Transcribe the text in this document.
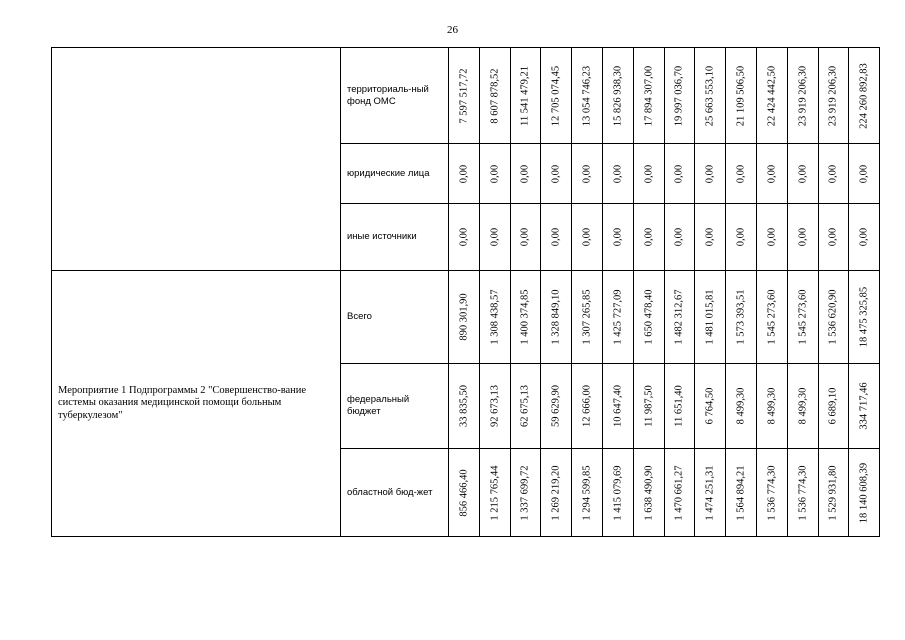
26

	территориаль-ный фонд ОМС	7 597 517,72	8 607 878,52	11 541 479,21	12 705 074,45	13 054 746,23	15 826 938,30	17 894 307,00	19 997 036,70	25 663 553,10	21 109 506,50	22 424 442,50	23 919 206,30	23 919 206,30	224 260 892,83

	юридические лица	0,00	0,00	0,00	0,00	0,00	0,00	0,00	0,00	0,00	0,00	0,00	0,00	0,00	0,00

	иные источники	0,00	0,00	0,00	0,00	0,00	0,00	0,00	0,00	0,00	0,00	0,00	0,00	0,00	0,00

Мероприятие 1 Подпрограммы 2 "Совершенство-вание системы оказания медицинской помощи больным туберкулезом"	Всего	890 301,90	1 308 438,57	1 400 374,85	1 328 849,10	1 307 265,85	1 425 727,09	1 650 478,40	1 482 312,67	1 481 015,81	1 573 393,51	1 545 273,60	1 545 273,60	1 536 620,90	18 475 325,85

	федеральный бюджет	33 835,50	92 673,13	62 675,13	59 629,90	12 666,00	10 647,40	11 987,50	11 651,40	6 764,50	8 499,30	8 499,30	8 499,30	6 689,10	334 717,46

	областной бюд-жет	856 466,40	1 215 765,44	1 337 699,72	1 269 219,20	1 294 599,85	1 415 079,69	1 638 490,90	1 470 661,27	1 474 251,31	1 564 894,21	1 536 774,30	1 536 774,30	1 529 931,80	18 140 608,39
